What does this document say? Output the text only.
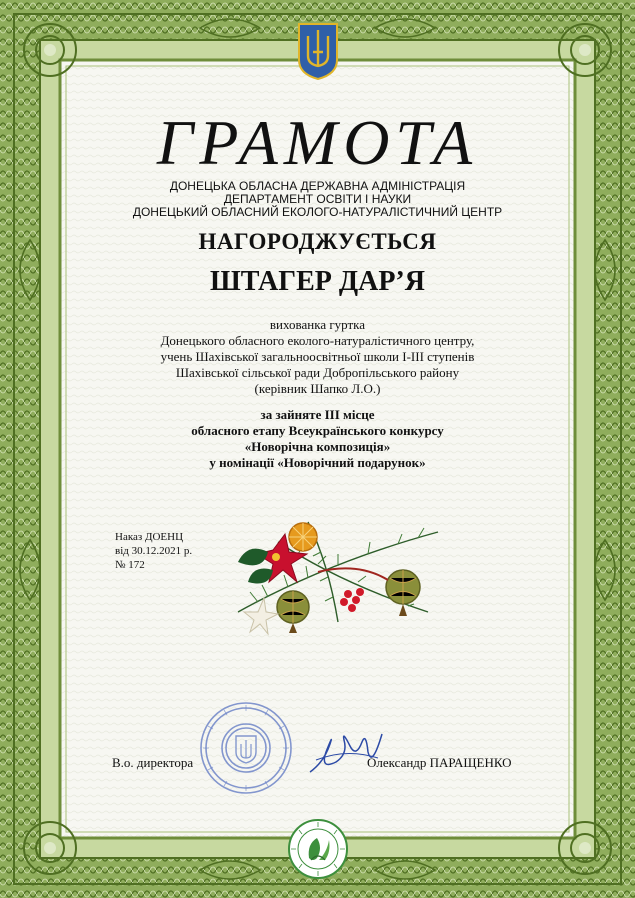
ГРАМОТА
ДОНЕЦЬКА ОБЛАСНА ДЕРЖАВНА АДМІНІСТРАЦІЯ
ДЕПАРТАМЕНТ ОСВІТИ І НАУКИ
ДОНЕЦЬКИЙ ОБЛАСНИЙ ЕКОЛОГО-НАТУРАЛІСТИЧНИЙ ЦЕНТР
НАГОРОДЖУЄТЬСЯ
ШТАГЕР ДАР’Я
вихованка гуртка
Донецького обласного еколого-натуралістичного центру,
учень Шахівської загальноосвітньої школи І-ІІІ ступенів
Шахівської сільської ради Добропільського району
(керівник Шапко Л.О.)
за зайняте ІІІ місце
обласного етапу Всеукраїнського конкурсу
«Новорічна композиція»
у номінації «Новорічний подарунок»
Наказ ДОЕНЦ
від 30.12.2021 р.
№ 172
В.о. директора	Олександр ПАРАЩЕНКО
